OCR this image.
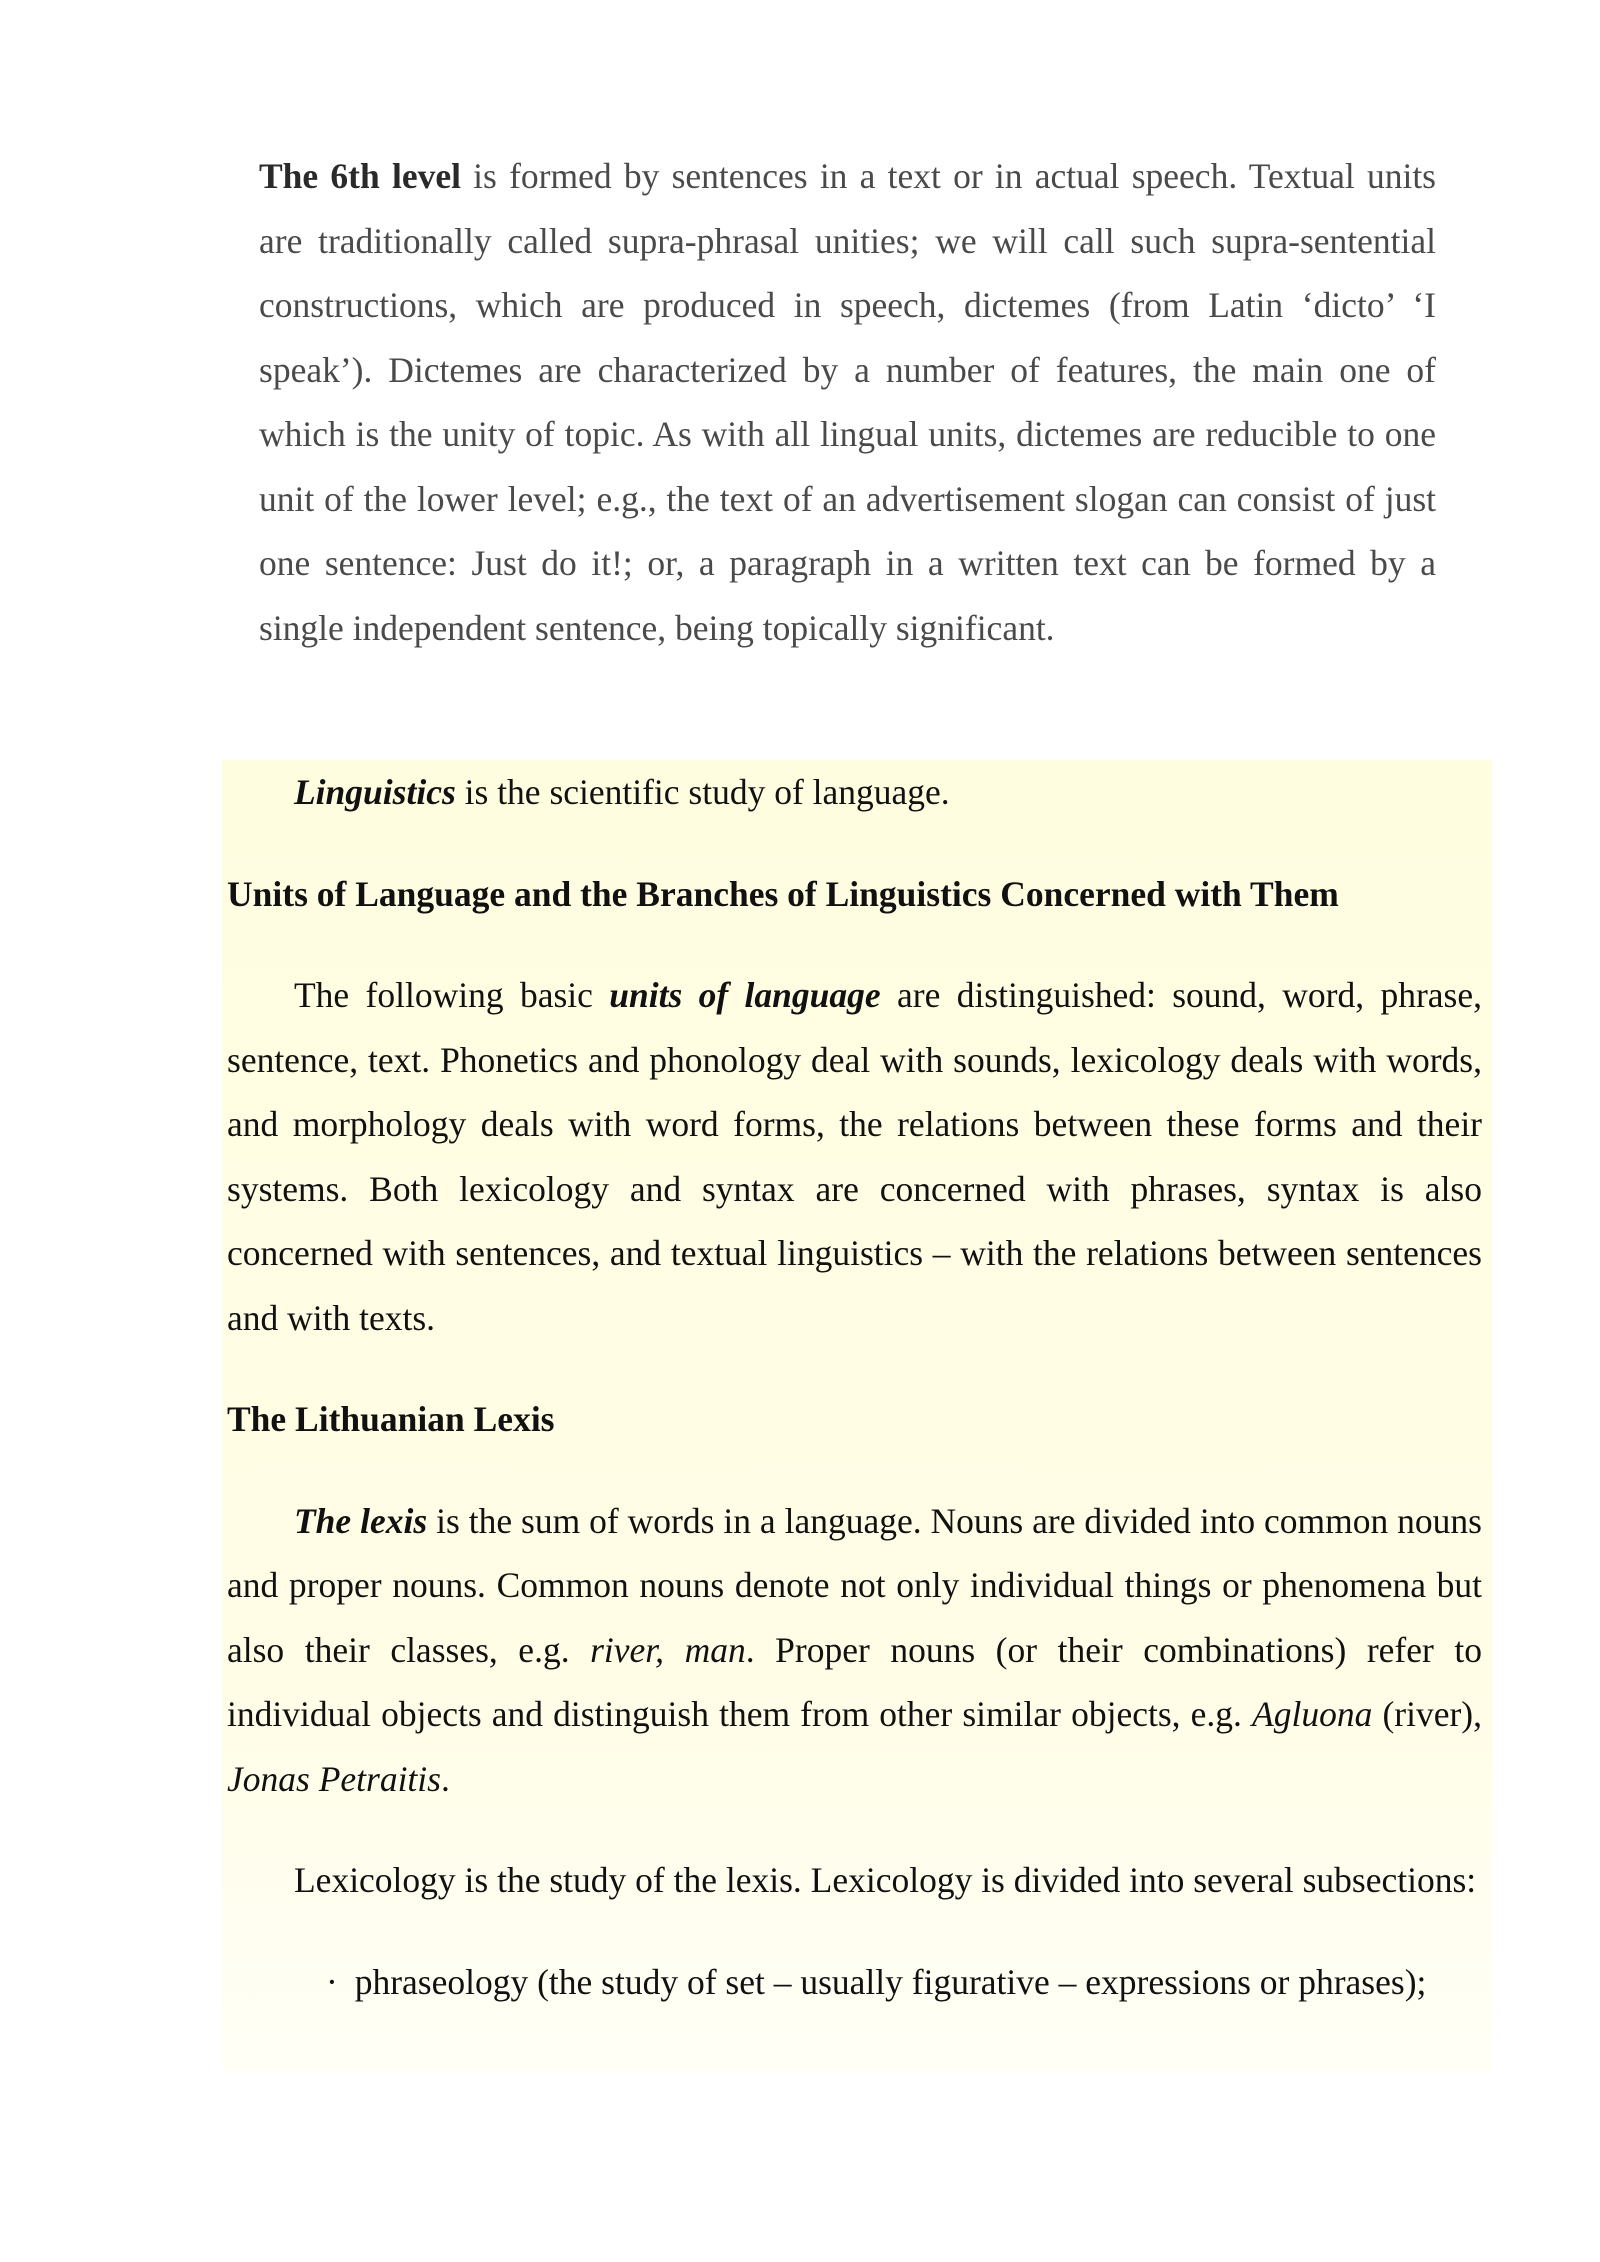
The 6th level is formed by sentences in a text or in actual speech. Textual units are traditionally called supra-phrasal unities; we will call such supra-sentential constructions, which are produced in speech, dictemes (from Latin ‘dicto’ ‘I speak’). Dictemes are characterized by a number of features, the main one of which is the unity of topic. As with all lingual units, dictemes are reducible to one unit of the lower level; e.g., the text of an advertisement slogan can consist of just one sentence: Just do it!; or, a paragraph in a written text can be formed by a single independent sentence, being topically significant.

Linguistics is the scientific study of language.

Units of Language and the Branches of Linguistics Concerned with Them

The following basic units of language are distinguished: sound, word, phrase, sentence, text. Phonetics and phonology deal with sounds, lexicology deals with words, and morphology deals with word forms, the relations between these forms and their systems. Both lexicology and syntax are concerned with phrases, syntax is also concerned with sentences, and textual linguistics – with the relations between sentences and with texts.

The Lithuanian Lexis

The lexis is the sum of words in a language. Nouns are divided into common nouns and proper nouns. Common nouns denote not only individual things or phenomena but also their classes, e.g. river, man. Proper nouns (or their combinations) refer to individual objects and distinguish them from other similar objects, e.g. Agluona (river), Jonas Petraitis.

Lexicology is the study of the lexis. Lexicology is divided into several subsections:

· phraseology (the study of set – usually figurative – expressions or phrases);
